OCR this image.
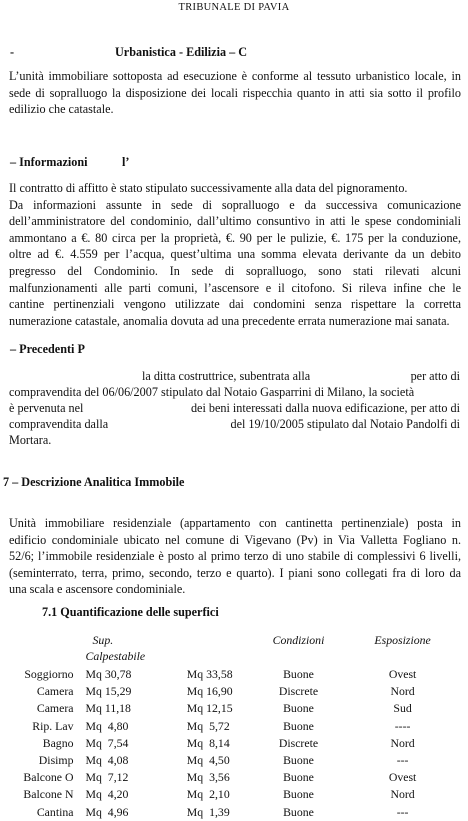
TRIBUNALE DI PAVIA
-	Urbanistica - Edilizia – C
L’unità immobiliare sottoposta ad esecuzione è conforme al tessuto urbanistico locale, in
sede di sopralluogo la disposizione dei locali rispecchia quanto in atti sia sotto il profilo
edilizio che catastale.
– Informazioni	l’
Il contratto di affitto è stato stipulato successivamente alla data del pignoramento.
Da informazioni assunte in sede di sopralluogo e da successiva comunicazione
dell’amministratore del condominio, dall’ultimo consuntivo in atti le spese condominiali
ammontano a €. 80 circa per la proprietà, €. 90 per le pulizie, €. 175 per la conduzione,
oltre ad €. 4.559 per l’acqua, quest’ultima una somma elevata derivante da un debito
pregresso del Condominio. In sede di sopralluogo, sono stati rilevati alcuni
malfunzionamenti alle parti comuni, l’ascensore e il citofono. Si rileva infine che le
cantine pertinenziali vengono utilizzate dai condomini senza rispettare la corretta
numerazione catastale, anomalia dovuta ad una precedente errata numerazione mai sanata.
– Precedenti P
la ditta costruttrice, subentrata alla	per atto di
compravendita del 06/06/2007 stipulato dal Notaio Gasparrini di Milano, la società
è pervenuta nel	dei beni interessati dalla nuova edificazione, per atto di
compravendita dalla	del 19/10/2005 stipulato dal Notaio Pandolfi di
Mortara.
7 – Descrizione Analitica Immobile
Unità immobiliare residenziale (appartamento con cantinetta pertinenziale) posta in
edificio condominiale ubicato nel comune di Vigevano (Pv) in Via Valletta Fogliano n.
52/6; l’immobile residenziale è posto al primo terzo di uno stabile di complessivi 6 livelli,
(seminterrato, terra, primo, secondo, terzo e quarto). I piani sono collegati fra di loro da
una scala e ascensore condominiale.
7.1 Quantificazione delle superfici

	Sup.
Calpestabile		Condizioni	Esposizione

Soggiorno	Mq 30,78	Mq 33,58	Buone	Ovest
Camera	Mq 15,29	Mq 16,90	Discrete	Nord
Camera	Mq 11,18	Mq 12,15	Buone	Sud
Rip. Lav	Mq  4,80	Mq  5,72	Buone	----
Bagno	Mq  7,54	Mq  8,14	Discrete	Nord
Disimp	Mq  4,08	Mq  4,50	Buone	---
Balcone O	Mq  7,12	Mq  3,56	Buone	Ovest
Balcone N	Mq  4,20	Mq  2,10	Buone	Nord
Cantina	Mq  4,96	Mq  1,39	Buone	---
